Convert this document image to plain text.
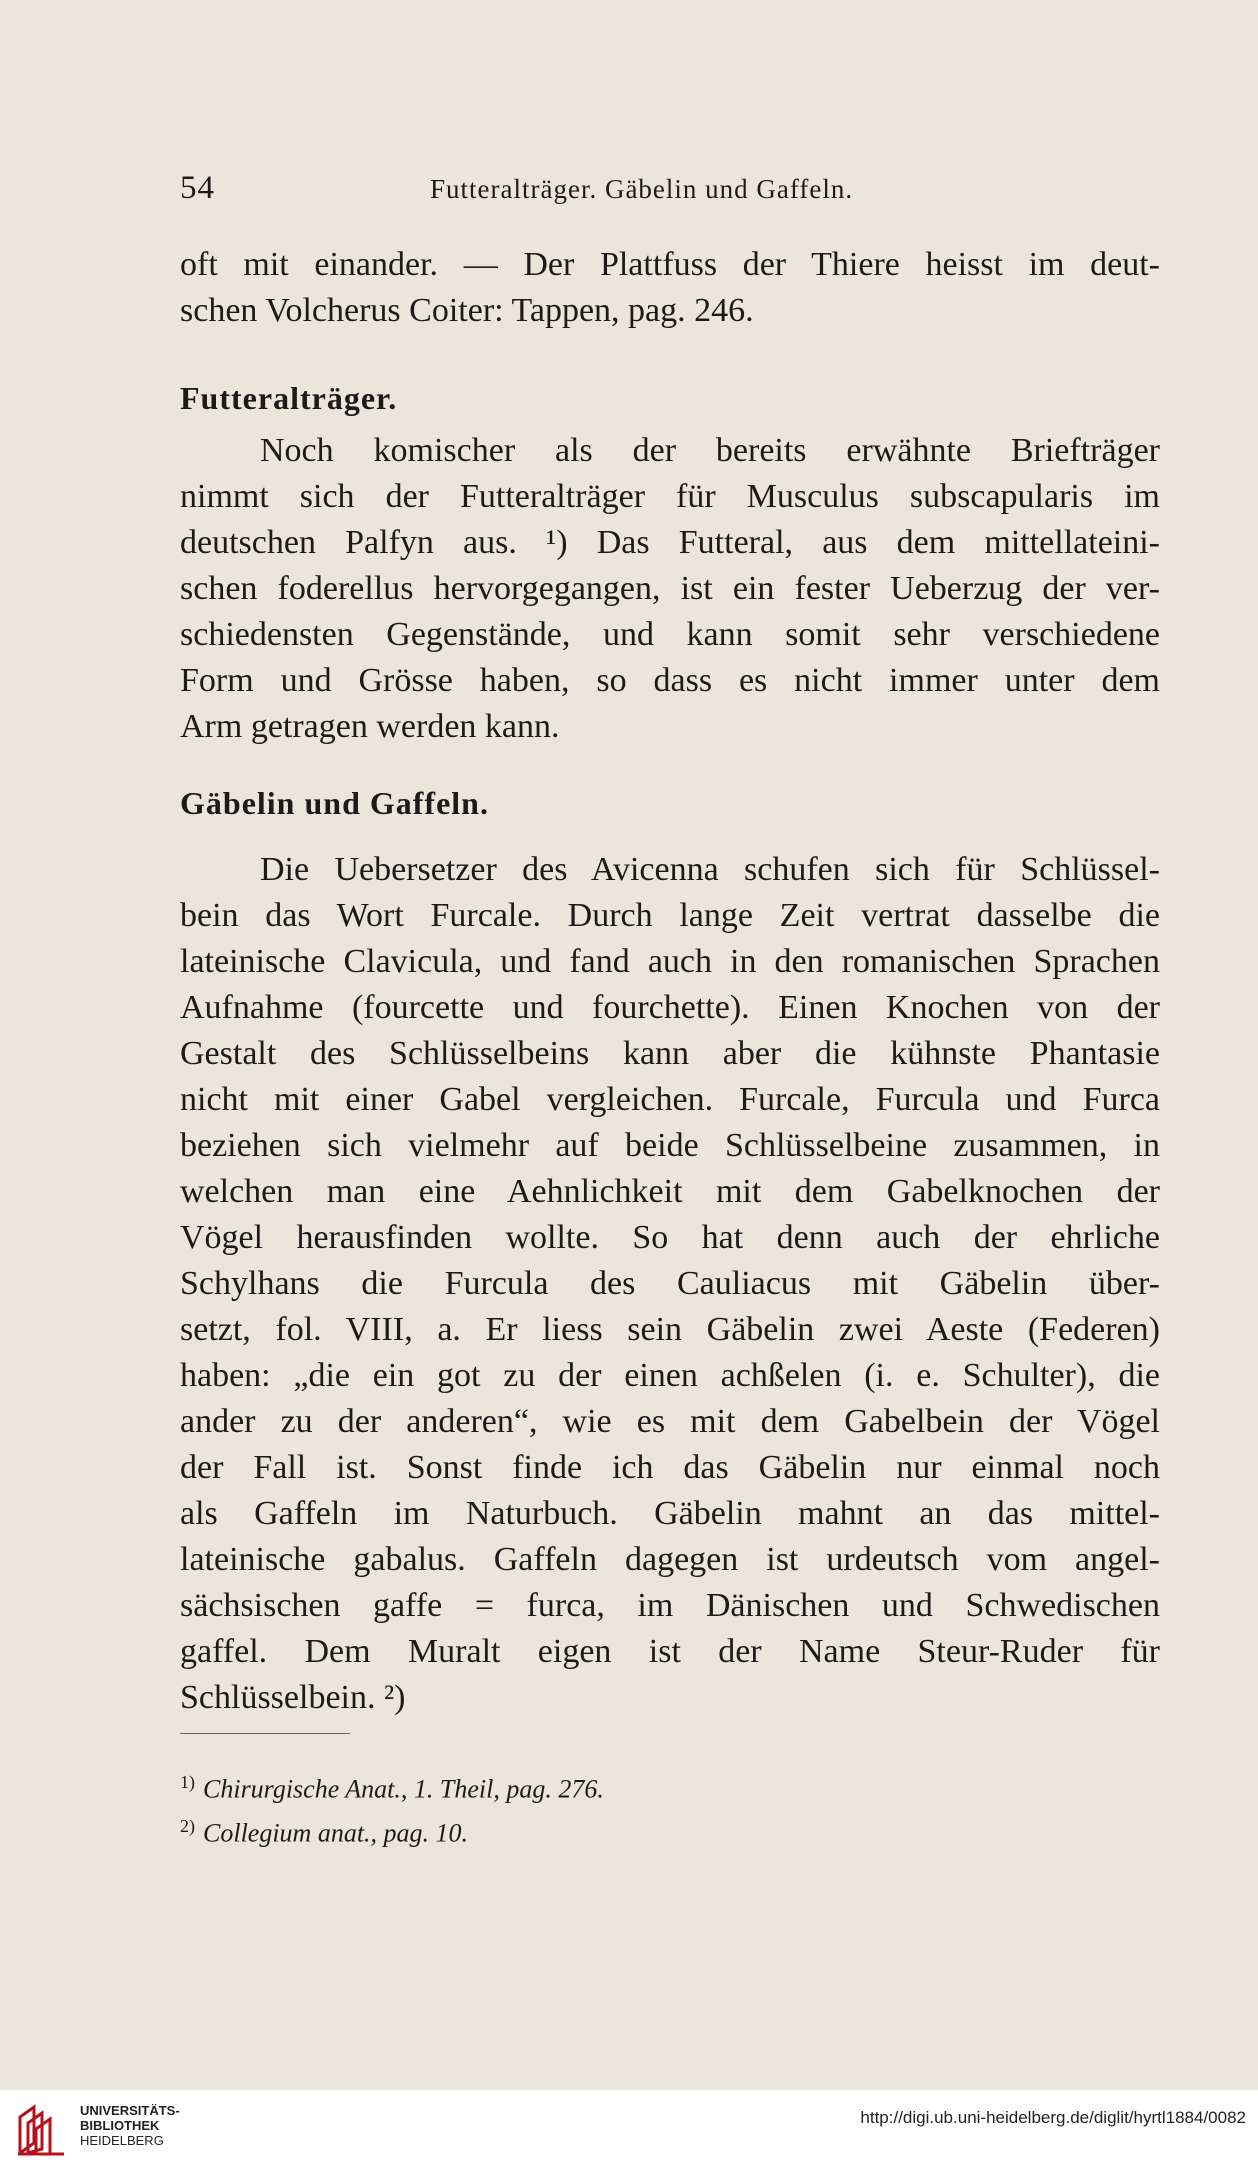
54	Futteralträger. Gäbelin und Gaffeln.
oft mit einander. — Der Plattfuss der Thiere heisst im deut-
schen Volcherus Coiter: Tappen, pag. 246.
Futteralträger.
Noch komischer als der bereits erwähnte Briefträger
nimmt sich der Futteralträger für Musculus subscapularis im
deutschen Palfyn aus. ¹) Das Futteral, aus dem mittellateini-
schen foderellus hervorgegangen, ist ein fester Ueberzug der ver-
schiedensten Gegenstände, und kann somit sehr verschiedene
Form und Grösse haben, so dass es nicht immer unter dem
Arm getragen werden kann.
Gäbelin und Gaffeln.
Die Uebersetzer des Avicenna schufen sich für Schlüssel-
bein das Wort Furcale. Durch lange Zeit vertrat dasselbe die
lateinische Clavicula, und fand auch in den romanischen Sprachen
Aufnahme (fourcette und fourchette). Einen Knochen von der
Gestalt des Schlüsselbeins kann aber die kühnste Phantasie
nicht mit einer Gabel vergleichen. Furcale, Furcula und Furca
beziehen sich vielmehr auf beide Schlüsselbeine zusammen, in
welchen man eine Aehnlichkeit mit dem Gabelknochen der
Vögel herausfinden wollte. So hat denn auch der ehrliche
Schylhans die Furcula des Cauliacus mit Gäbelin über-
setzt, fol. VIII, a. Er liess sein Gäbelin zwei Aeste (Federen)
haben: „die ein got zu der einen achßelen (i. e. Schulter), die
ander zu der anderen“, wie es mit dem Gabelbein der Vögel
der Fall ist. Sonst finde ich das Gäbelin nur einmal noch
als Gaffeln im Naturbuch. Gäbelin mahnt an das mittel-
lateinische gabalus. Gaffeln dagegen ist urdeutsch vom angel-
sächsischen gaffe = furca, im Dänischen und Schwedischen
gaffel. Dem Muralt eigen ist der Name Steur-Ruder für
Schlüsselbein. ²)
$^{1)}$ Chirurgische Anat., 1. Theil, pag. 276.
$^{2)}$ Collegium anat., pag. 10.
UNIVERSITÄTS-
BIBLIOTHEK
HEIDELBERG
http://digi.ub.uni-heidelberg.de/diglit/hyrtl1884/0082
